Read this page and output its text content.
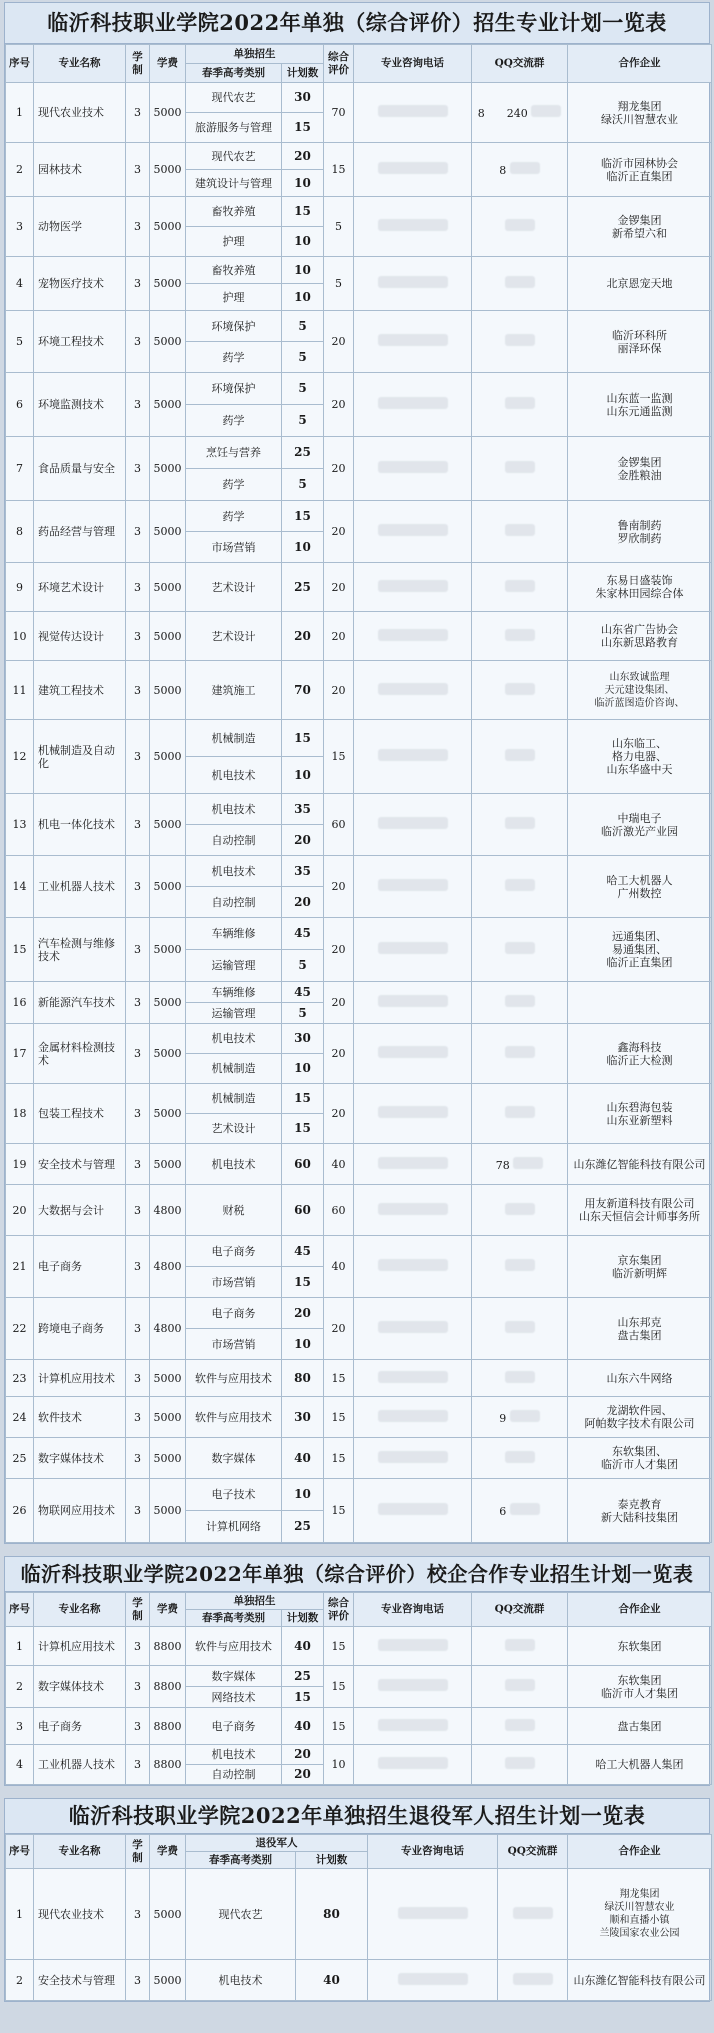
临沂科技职业学院2022年单独（综合评价）招生专业计划一览表
序号	专业名称	学
制	学费	单独招生		综合
评价	专业咨询电话	QQ交流群	合作企业
				春季高考类别	计划数				
1	现代农业技术	3	5000	现代农艺	30	70		8　　240	翔龙集团
绿沃川智慧农业
				旅游服务与管理	15				
2	园林技术	3	5000	现代农艺	20	15		8	临沂市园林协会
临沂正直集团
				建筑设计与管理	10				
3	动物医学	3	5000	畜牧养殖	15	5			金锣集团
新希望六和
				护理	10				
4	宠物医疗技术	3	5000	畜牧养殖	10	5			北京恩宠天地
				护理	10				
5	环境工程技术	3	5000	环境保护	5	20			临沂环科所
丽泽环保
				药学	5				
6	环境监测技术	3	5000	环境保护	5	20			山东蓝一监测
山东元通监测
				药学	5				
7	食品质量与安全	3	5000	烹饪与营养	25	20			金锣集团
金胜粮油
				药学	5				
8	药品经营与管理	3	5000	药学	15	20			鲁南制药
罗欣制药
				市场营销	10				
9	环境艺术设计	3	5000	艺术设计	25	20			东易日盛装饰
朱家林田园综合体
10	视觉传达设计	3	5000	艺术设计	20	20			山东省广告协会
山东新思路教育
11	建筑工程技术	3	5000	建筑施工	70	20			山东致诚监理
天元建设集团、
临沂蓝图造价咨询、
12	机械制造及自动化	3	5000	机械制造	15	15			山东临工、
格力电器、
山东华盛中天
				机电技术	10				
13	机电一体化技术	3	5000	机电技术	35	60			中瑞电子
临沂激光产业园
				自动控制	20				
14	工业机器人技术	3	5000	机电技术	35	20			哈工大机器人
广州数控
				自动控制	20				
15	汽车检测与维修技术	3	5000	车辆维修	45	20			远通集团、
易通集团、
临沂正直集团
				运输管理	5				
16	新能源汽车技术	3	5000	车辆维修	45	20			
				运输管理	5				
17	金属材料检测技术	3	5000	机电技术	30	20			鑫海科技
临沂正大检测
				机械制造	10				
18	包装工程技术	3	5000	机械制造	15	20			山东碧海包装
山东亚新塑料
				艺术设计	15				
19	安全技术与管理	3	5000	机电技术	60	40		78	山东潍亿智能科技有限公司
20	大数据与会计	3	4800	财税	60	60			用友新道科技有限公司
山东天恒信会计师事务所
21	电子商务	3	4800	电子商务	45	40			京东集团
临沂新明辉
				市场营销	15				
22	跨境电子商务	3	4800	电子商务	20	20			山东邦克
盘古集团
				市场营销	10				
23	计算机应用技术	3	5000	软件与应用技术	80	15			山东六牛网络
24	软件技术	3	5000	软件与应用技术	30	15		9	龙湖软件园、
阿帕数字技术有限公司
25	数字媒体技术	3	5000	数字媒体	40	15			东软集团、
临沂市人才集团
26	物联网应用技术	3	5000	电子技术	10	15		6	泰克教育
新大陆科技集团
				计算机网络	25				
临沂科技职业学院2022年单独（综合评价）校企合作专业招生计划一览表
序号	专业名称	学
制	学费	单独招生		综合
评价	专业咨询电话	QQ交流群	合作企业
				春季高考类别	计划数				
1	计算机应用技术	3	8800	软件与应用技术	40	15			东软集团
2	数字媒体技术	3	8800	数字媒体	25	15			东软集团
临沂市人才集团
				网络技术	15				
3	电子商务	3	8800	电子商务	40	15			盘古集团
4	工业机器人技术	3	8800	机电技术	20	10			哈工大机器人集团
				自动控制	20				
临沂科技职业学院2022年单独招生退役军人招生计划一览表
序号	专业名称	学
制	学费	退役军人		专业咨询电话	QQ交流群	合作企业
				春季高考类别	计划数			
1	现代农业技术	3	5000	现代农艺	80			翔龙集团
绿沃川智慧农业
顺和直播小镇
兰陵国家农业公园
2	安全技术与管理	3	5000	机电技术	40			山东潍亿智能科技有限公司
